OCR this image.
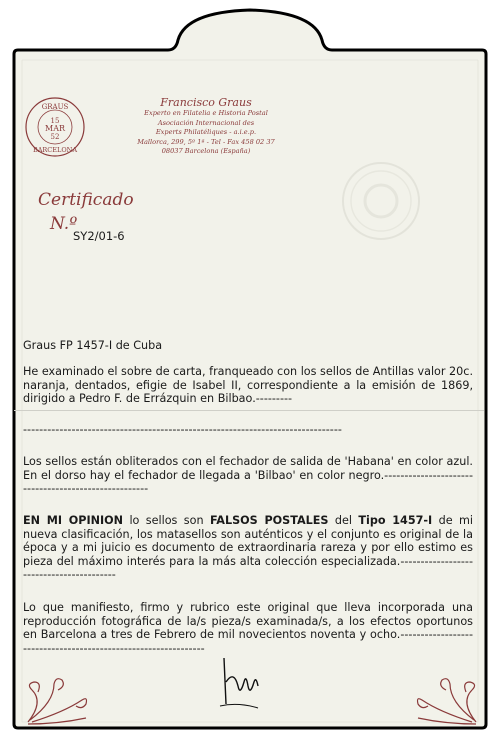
GRAUS
15
MAR
52
BARCELONA
Francisco Graus
Experto en Filatelia e Historia Postal
Asociación Internacional des
Experts Philatéliques - a.i.e.p.
Mallorca, 299, 5º 1ª - Tel - Fax 458 02 37
08037 Barcelona (España)
Certificado
N.º
SY2/01-6
Graus FP 1457-I de Cuba
He examinado el sobre de carta, franqueado con los sellos de Antillas valor 20c. naranja, dentados, efigie de Isabel II, correspondiente a la emisión de 1869, dirigido a Pedro F. de Errázquin en Bilbao.---------
-------------------------------------------------------------------------------
Los sellos están obliterados con el fechador de salida de 'Habana' en color azul. En el dorso hay el fechador de llegada a 'Bilbao' en color negro.-----------------------------------------------------
EN MI OPINION lo sellos son FALSOS POSTALES del Tipo 1457-I de mi nueva clasificación, los matasellos son auténticos y el conjunto es original de la época y a mi juicio es documento de extraordinaria rareza y por ello estimo es pieza del máximo interés para la más alta colección especializada.-----------------------------------------
Lo que manifiesto, firmo y rubrico este original que lleva incorporada una reproducción fotográfica de la/s pieza/s examinada/s, a los efectos oportunos en Barcelona a tres de Febrero de mil novecientos noventa y ocho.---------------------------------------------------------------
